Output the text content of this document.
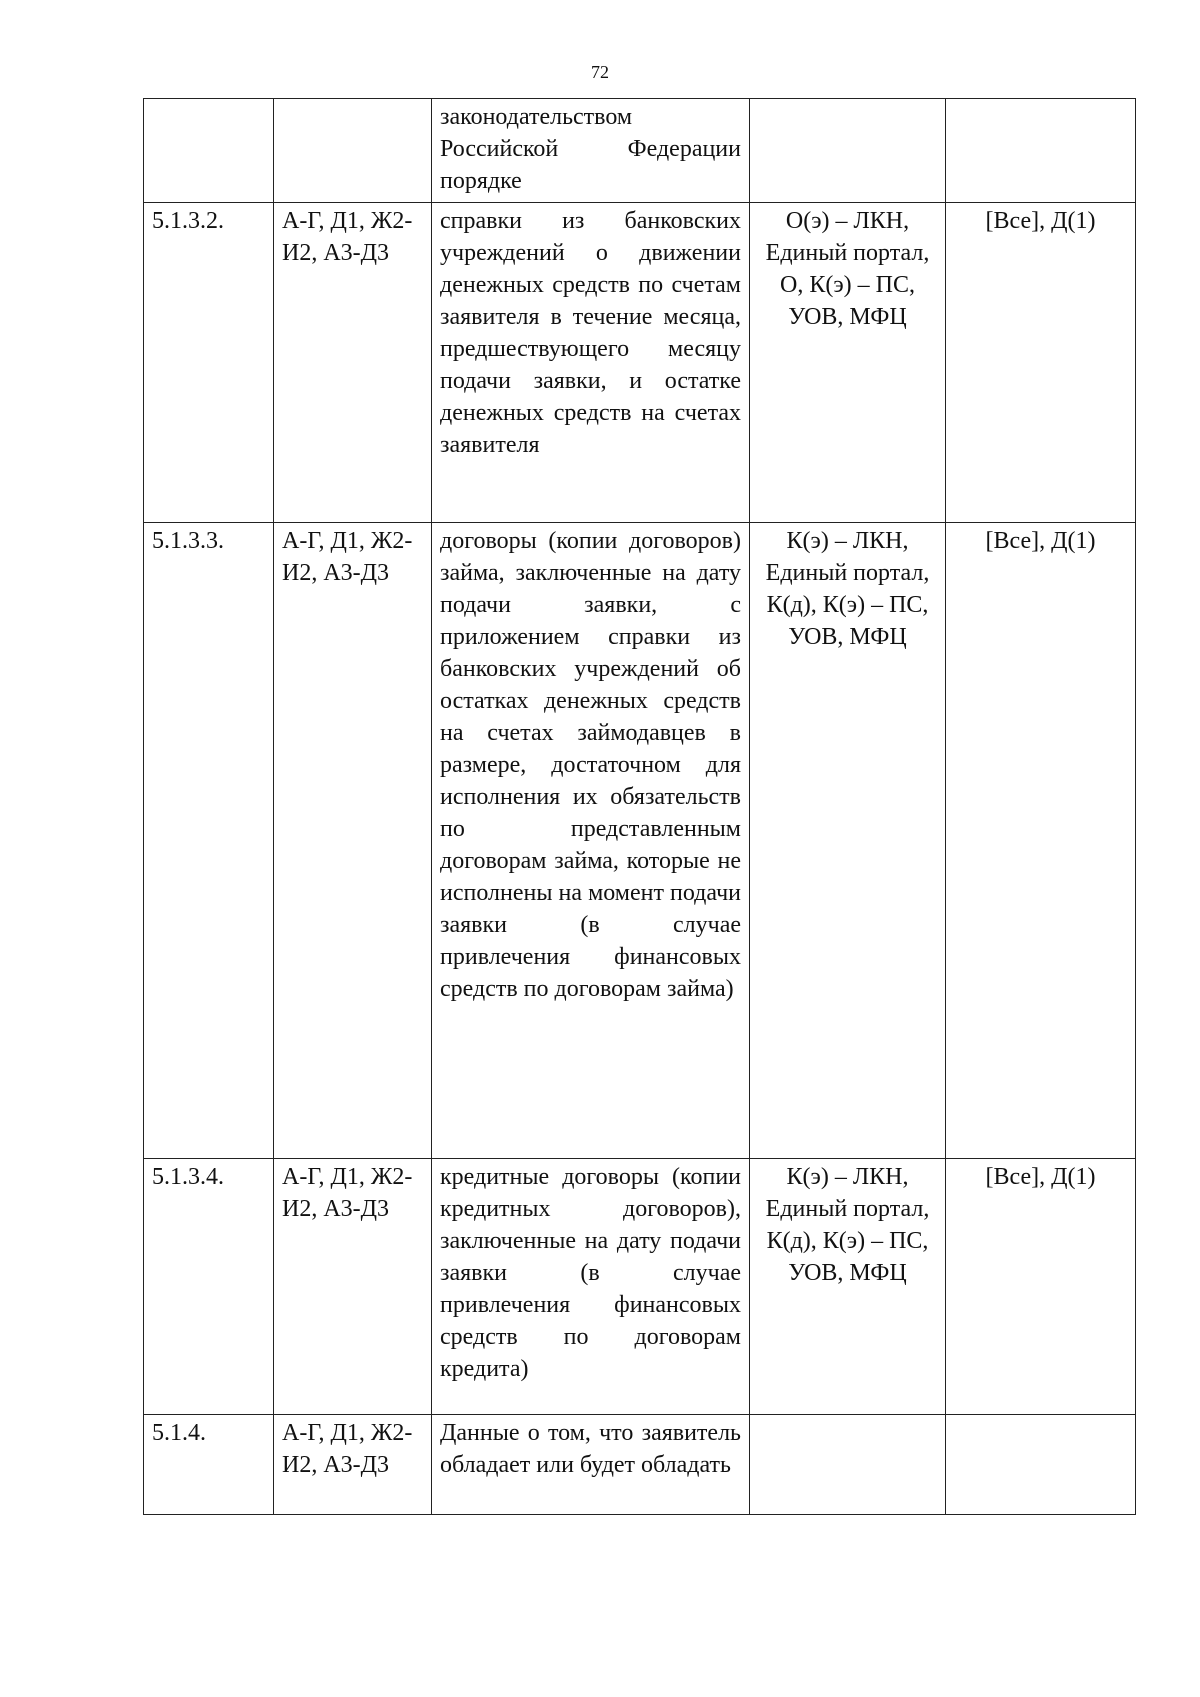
72
		законодательством Российской Федерации порядке		
5.1.3.2.	А-Г, Д1, Ж2-И2, А3-Д3	справки из банковских учреждений о движении денежных средств по счетам заявителя в течение месяца, предшествующего месяцу подачи заявки, и остатке денежных средств на счетах заявителя	О(э) – ЛКН, Единый портал, О, К(э) – ПС, УОВ, МФЦ	[Все], Д(1)
5.1.3.3.	А-Г, Д1, Ж2-И2, А3-Д3	договоры (копии договоров) займа, заключенные на дату подачи заявки, с приложением справки из банковских учреждений об остатках денежных средств на счетах займодавцев в размере, достаточном для исполнения их обязательств по представленным договорам займа, которые не исполнены на момент подачи заявки (в случае привлечения финансовых средств по договорам займа)	К(э) – ЛКН, Единый портал, К(д), К(э) – ПС, УОВ, МФЦ	[Все], Д(1)
5.1.3.4.	А-Г, Д1, Ж2-И2, А3-Д3	кредитные договоры (копии кредитных договоров), заключенные на дату подачи заявки (в случае привлечения финансовых средств по договорам кредита)	К(э) – ЛКН, Единый портал, К(д), К(э) – ПС, УОВ, МФЦ	[Все], Д(1)
5.1.4.	А-Г, Д1, Ж2-И2, А3-Д3	Данные о том, что заявитель обладает или будет обладать		
